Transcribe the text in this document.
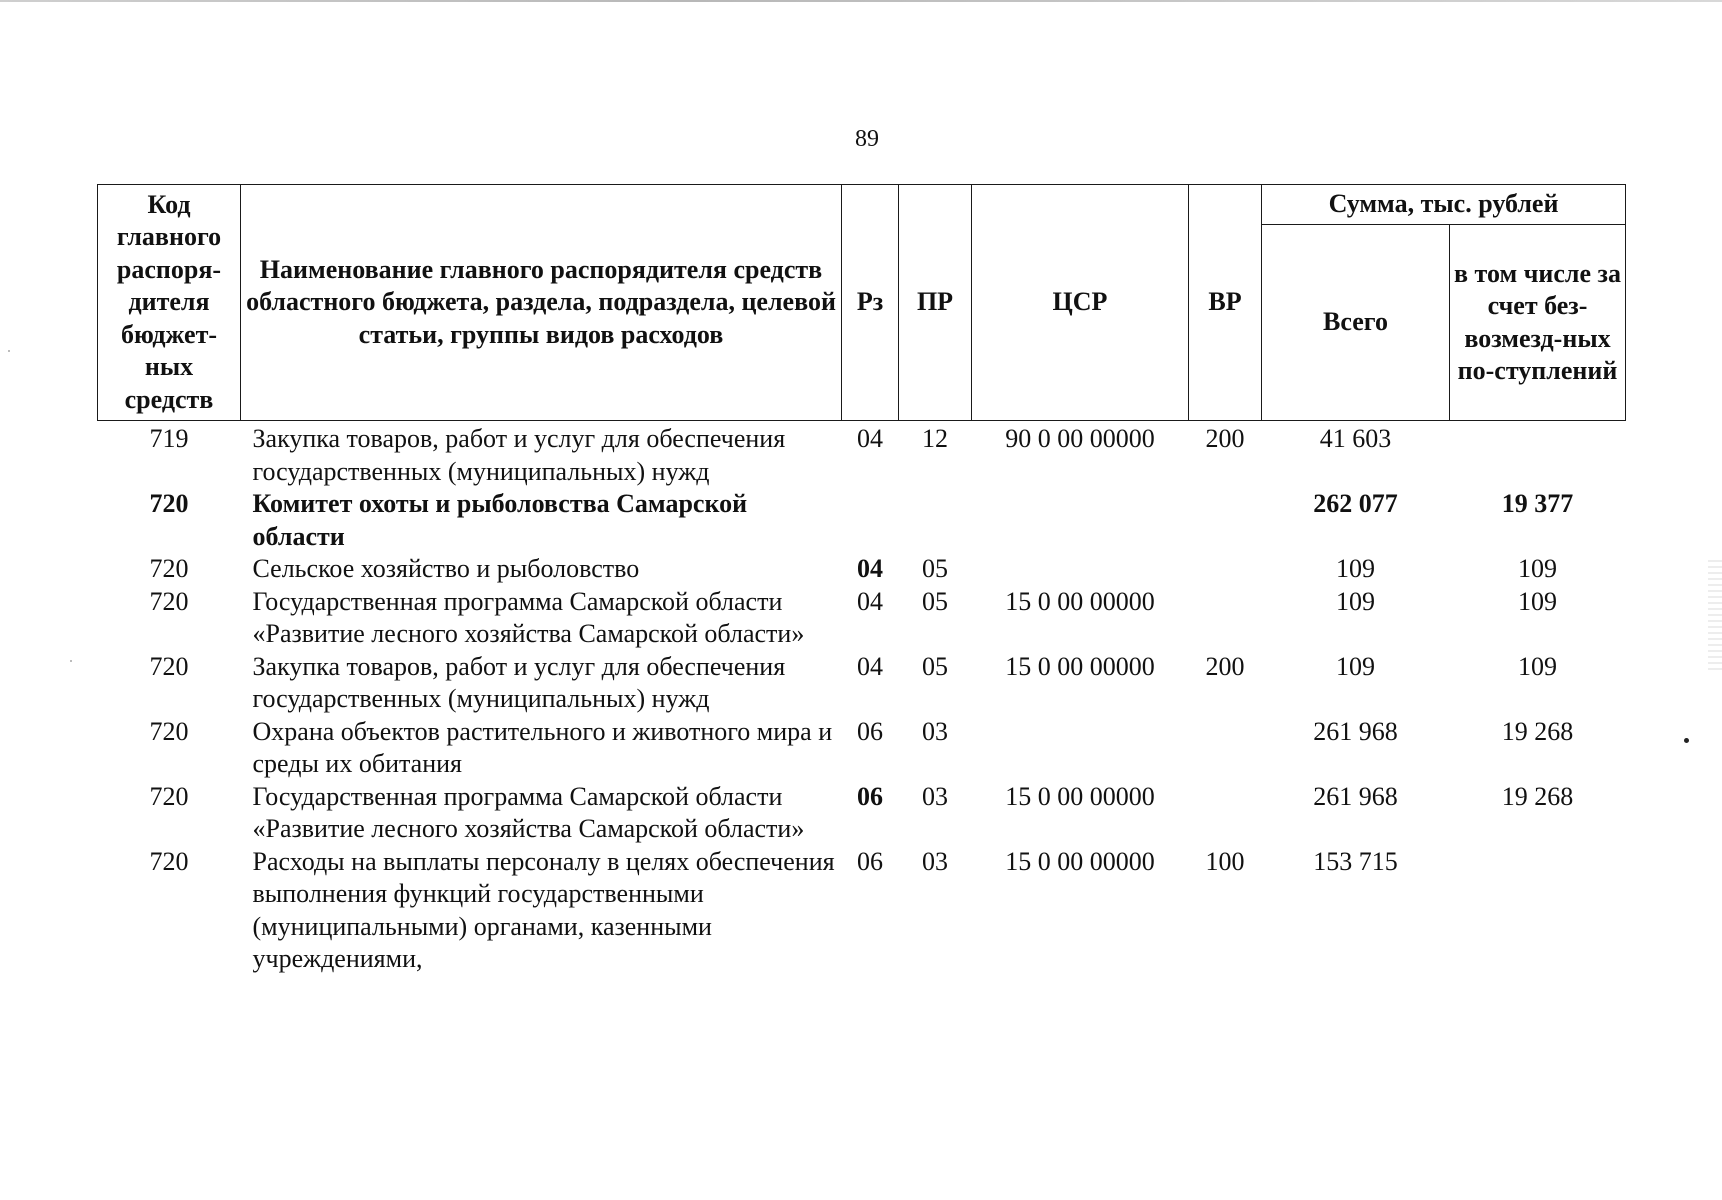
89
Код главного распоря-дителя бюджет-ных средств	Наименование главного распорядителя средств областного бюджета, раздела, подраздела, целевой статьи, группы видов расходов	Рз	ПР	ЦСР	ВР	Сумма, тыс. рублей	
						Всего	в том числе за счет без-возмезд-ных по-ступлений
719	Закупка товаров, работ и услуг для обеспечения государственных (муниципальных) нужд	04	12	90 0 00 00000	200	41 603	
720	Комитет охоты и рыболовства Самарской области					262 077	19 377
720	Сельское хозяйство и рыболовство	04	05			109	109
720	Государственная программа Самарской области «Развитие лесного хозяйства Самарской области»	04	05	15 0 00 00000		109	109
720	Закупка товаров, работ и услуг для обеспечения государственных (муниципальных) нужд	04	05	15 0 00 00000	200	109	109
720	Охрана объектов растительного и животного мира и среды их обитания	06	03			261 968	19 268
720	Государственная программа Самарской области «Развитие лесного хозяйства Самарской области»	06	03	15 0 00 00000		261 968	19 268
720	Расходы на выплаты персоналу в целях обеспечения выполнения функций государственными (муниципальными) органами, казенными учреждениями,	06	03	15 0 00 00000	100	153 715	
